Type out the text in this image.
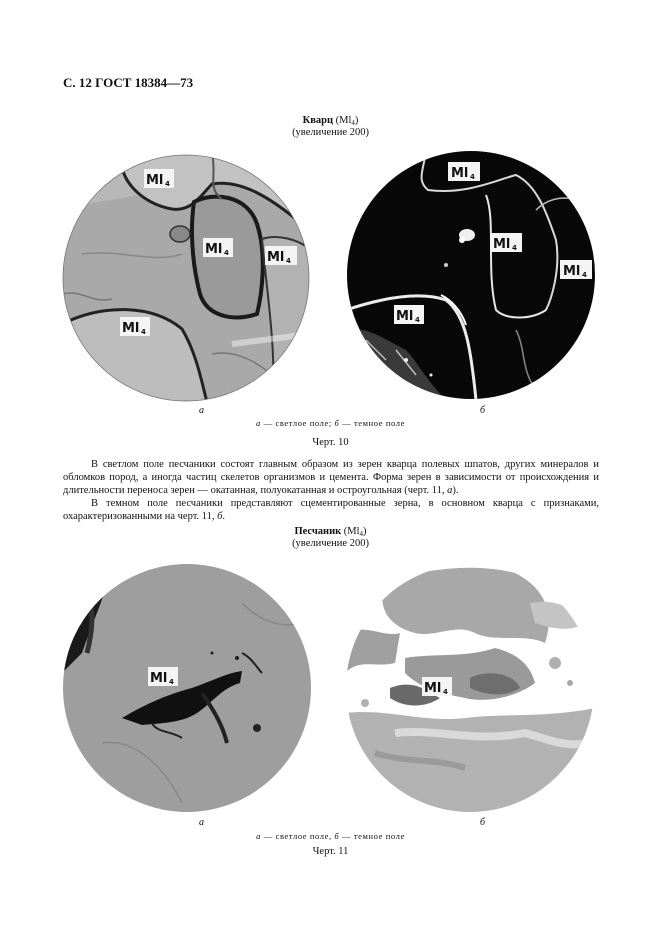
С. 12 ГОСТ 18384—73
Кварц $(Ml_4)$
(увеличение 200)
Ml 4
Ml 4	Ml 4
Ml 4
Ml 4
Ml 4
Ml 4
Ml 4
а	б
а — светлое поле; б — темное поле
Черт. 10

В светлом поле песчаники состоят главным образом из зерен кварца полевых шпатов, других минералов и обломков пород, а иногда частиц скелетов организмов и цемента. Форма зерен в зависимости от происхождения и длительности переноса зерен — окатанная, полуокатанная и остроугольная (черт. 11, а).

В темном поле песчаники представляют сцементированные зерна, в основном кварца с признаками, охарактеризованными на черт. 11, б.

Песчаник $(Ml_4)$
(увеличение 200)
Ml 4	Ml 4
а	б
а — светлое поле, б — темное поле
Черт. 11
